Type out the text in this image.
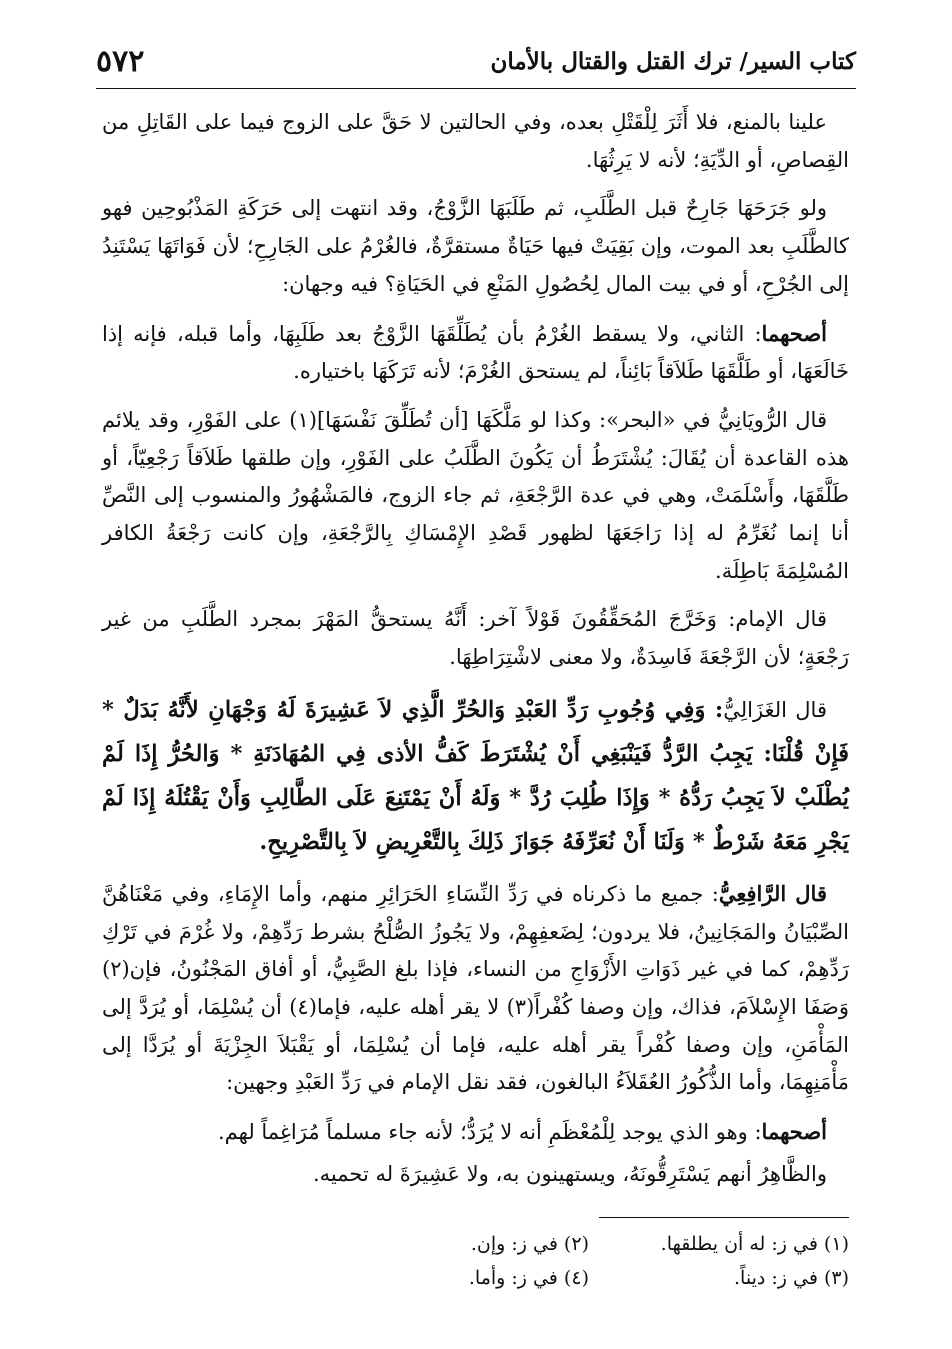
كتاب السير/ ترك القتل والقتال بالأمان
٥٧٢

علينا بالمنع، فلا أَثَرَ لِلْقَتْلِ بعده، وفي الحالتين لا حَقَّ على الزوج فيما على القَاتِلِ من القِصاصِ، أو الدِّيَةِ؛ لأنه لا يَرِثُهَا.

ولو جَرَحَهَا جَارِحٌ قبل الطَّلَبِ، ثم طَلَبَهَا الزَّوْجُ، وقد انتهت إلى حَرَكَةِ المَذْبُوحِين فهو كالطَّلَبِ بعد الموت، وإن بَقِيَتْ فيها حَيَاةٌ مستقرَّةٌ، فالغُرْمُ على الجَارِحِ؛ لأن فَوَاتَهَا يَسْتَنِدُ إلى الجُرْحِ، أو في بيت المال لِحُصُولِ المَنْعِ في الحَيَاةِ؟ فيه وجهان:

أصحهما: الثاني، ولا يسقط الغُرْمُ بأن يُطَلِّقَهَا الزَّوْجُ بعد طَلَبِهَا، وأما قبله، فإنه إذا خَالَعَهَا، أو طَلَّقَهَا طَلاَقاً بَائِناً، لم يستحق الغُرْمَ؛ لأنه تَرَكَهَا باختياره.

قال الرُّويَانِيُّ في «البحر»: وكذا لو مَلَّكَهَا [أن تُطَلِّقَ نَفْسَهَا](١) على الفَوْرِ، وقد يلائم هذه القاعدة أن يُقَالَ: يُشْتَرَطُ أن يَكُونَ الطَّلَبُ على الفَوْرِ، وإن طلقها طَلاَقاً رَجْعِيّاً، أو طَلَّقَهَا، وأَسْلَمَتْ، وهي في عدة الرَّجْعَةِ، ثم جاء الزوج، فالمَشْهُورُ والمنسوب إلى النَّصِّ أنا إنما نُغَرِّمُ له إذا رَاجَعَهَا لظهور قَصْدِ الإِمْسَاكِ بِالرَّجْعَةِ، وإن كانت رَجْعَةُ الكافر المُسْلِمَةَ بَاطِلَة.

قال الإمام: وَخَرَّجَ المُحَقِّقُونَ قَوْلاً آخر: أَنَّهُ يستحقُّ المَهْرَ بمجرد الطَّلَبِ من غير رَجْعَةٍ؛ لأن الرَّجْعَةَ فَاسِدَةٌ، ولا معنى لاشْتِرَاطِهَا.

قال الغَزَالِيُّ: وَفِي وُجُوبِ رَدِّ العَبْدِ وَالحُرِّ الَّذِي لاَ عَشِيرَةَ لَهُ وَجْهَانِ لأَنَّهُ بَدَلٌ * فَإِنْ قُلْنَا: يَجِبُ الرَّدُّ فَيَنْبَغِي أَنْ يُشْتَرَطَ كَفُّ الأذى فِي المُهَادَنَةِ * وَالحُرُّ إِذَا لَمْ يُطْلَبْ لاَ يَجِبُ رَدُّهُ * وَإِذَا طُلِبَ رُدَّ * وَلَهُ أَنْ يَمْتَنِعَ عَلَى الطَّالِبِ وَأَنْ يَقْتُلَهُ إِذَا لَمْ يَجْرِ مَعَهُ شَرْطٌ * وَلَنَا أَنْ نُعَرِّفَهُ جَوَازَ ذَلِكَ بِالتَّعْرِيضِ لاَ بِالتَّصْرِيحِ.

قال الرَّافِعِيُّ: جميع ما ذكرناه في رَدِّ النِّسَاءِ الحَرَائِرِ منهم، وأما الإِمَاءِ، وفي مَعْنَاهُنَّ الصِّبْيَانُ والمَجَانِينُ، فلا يردون؛ لِضَعفِهِمْ، ولا يَجُوزُ الصُّلْحُ بشرط رَدِّهِمْ، ولا غُرْمَ في تَرْكِ رَدِّهِمْ، كما في غير ذَوَاتِ الأَزْوَاجِ من النساء، فإذا بلغ الصَّبِيُّ، أو أفاق المَجْنُونُ، فإن(٢) وَصَفَا الإِسْلاَمَ، فذاك، وإن وصفا كُفْراً(٣) لا يقر أهله عليه، فإما(٤) أن يُسْلِمَا، أو يُرَدَّ إلى المَأْمَنِ، وإن وصفا كُفْراً يقر أهله عليه، فإما أن يُسْلِمَا، أو يَقْبَلاَ الجِزْيَةَ أو يُرَدَّا إلى مَأْمَنِهِمَا، وأما الذُّكُورُ العُقَلاَءُ البالغون، فقد نقل الإمام في رَدِّ العَبْدِ وجهين:

أصحهما: وهو الذي يوجد لِلْمُعْظَمِ أنه لا يُرَدُّ؛ لأنه جاء مسلماً مُرَاغِماً لهم.

والظَّاهِرُ أنهم يَسْتَرِقُّونَهُ، ويستهينون به، ولا عَشِيرَةَ له تحميه.

(١) في ز: له أن يطلقها.
(٢) في ز: وإن.
(٣) في ز: ديناً.
(٤) في ز: وأما.
